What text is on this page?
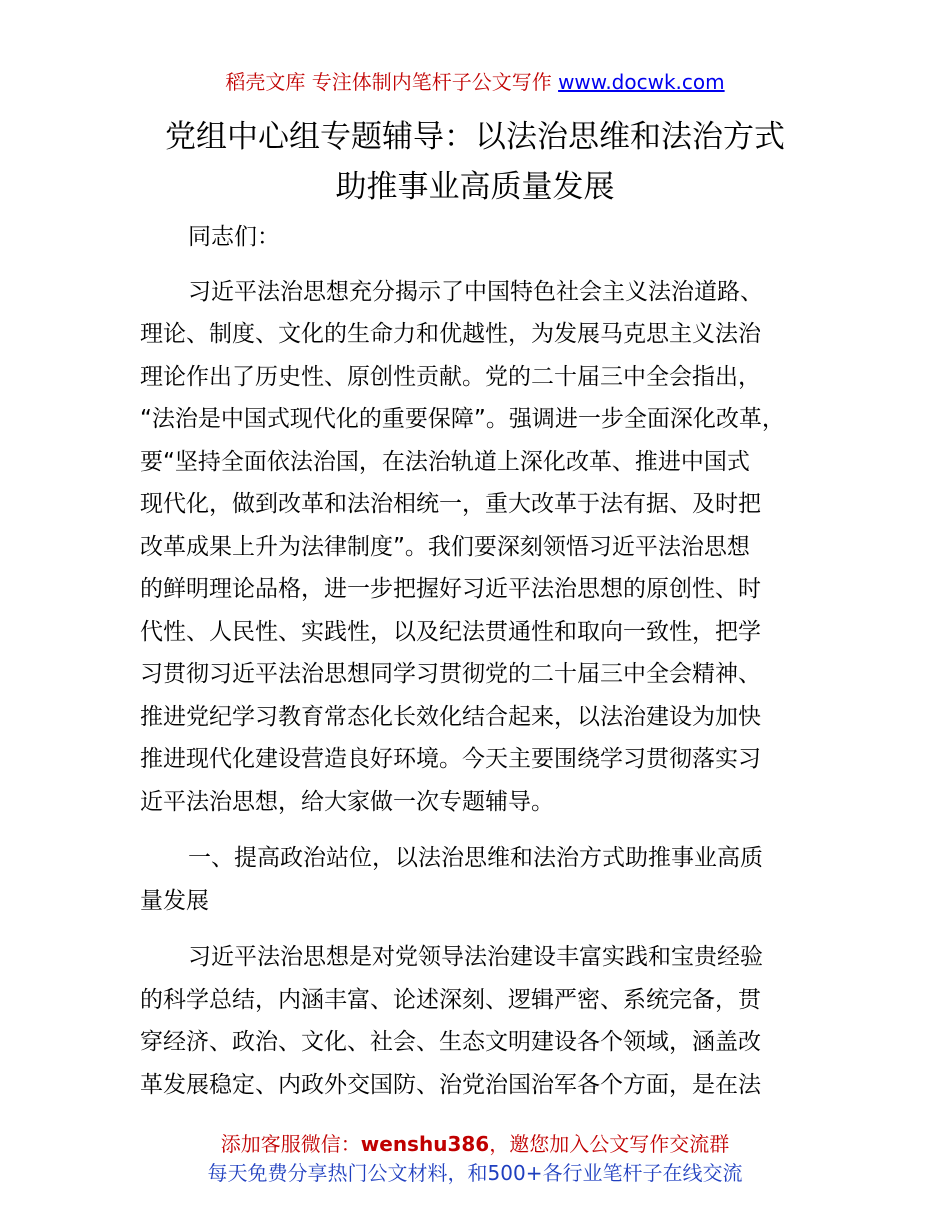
稻壳文库 专注体制内笔杆子公文写作 www.docwk.com
党组中心组专题辅导：以法治思维和法治方式
助推事业高质量发展
同志们：
习近平法治思想充分揭示了中国特色社会主义法治道路、
理论、制度、文化的生命力和优越性，为发展马克思主义法治
理论作出了历史性、原创性贡献。党的二十届三中全会指出，
“法治是中国式现代化的重要保障”。强调进一步全面深化改革，
要“坚持全面依法治国，在法治轨道上深化改革、推进中国式
现代化，做到改革和法治相统一，重大改革于法有据、及时把
改革成果上升为法律制度”。我们要深刻领悟习近平法治思想
的鲜明理论品格，进一步把握好习近平法治思想的原创性、时
代性、人民性、实践性，以及纪法贯通性和取向一致性，把学
习贯彻习近平法治思想同学习贯彻党的二十届三中全会精神、
推进党纪学习教育常态化长效化结合起来，以法治建设为加快
推进现代化建设营造良好环境。今天主要围绕学习贯彻落实习
近平法治思想，给大家做一次专题辅导。
一、提高政治站位，以法治思维和法治方式助推事业高质
量发展
习近平法治思想是对党领导法治建设丰富实践和宝贵经验
的科学总结，内涵丰富、论述深刻、逻辑严密、系统完备，贯
穿经济、政治、文化、社会、生态文明建设各个领域，涵盖改
革发展稳定、内政外交国防、治党治国治军各个方面，是在法
添加客服微信：wenshu386，邀您加入公文写作交流群
每天免费分享热门公文材料，和500+各行业笔杆子在线交流
